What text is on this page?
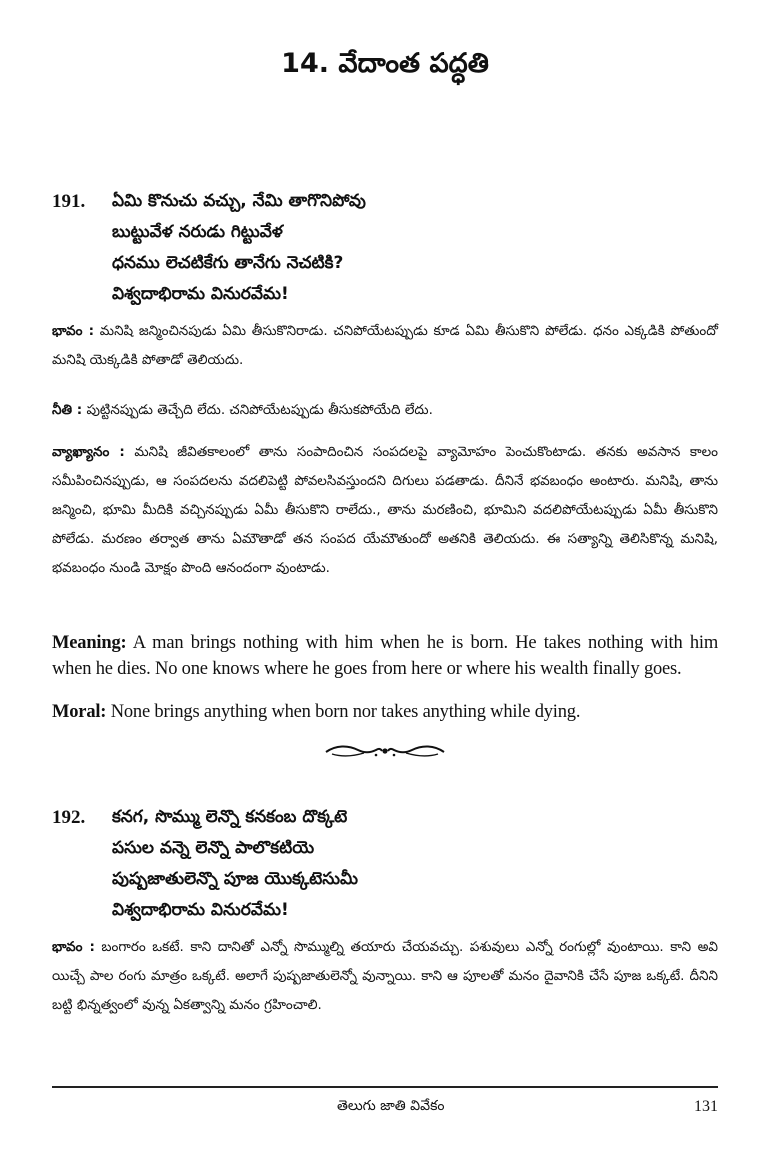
14. వేదాంత పద్ధతి
191. ఏమి కొనుచు వచ్చు, నేమి తాగొనిపోవు
బుట్టువేళ నరుడు గిట్టువేళ
ధనము లెచటికేగు తానేగు నెచటికి?
విశ్వదాభిరామ వినురవేమ!

భావం : మనిషి జన్మించినపుడు ఏమి తీసుకొనిరాడు. చనిపోయేటప్పుడు కూడ ఏమి తీసుకొని పోలేడు. ధనం ఎక్కడికి పోతుందో మనిషి యెక్కడికి పోతాడో తెలియదు.

నీతి : పుట్టినప్పుడు తెచ్చేది లేదు. చనిపోయేటప్పుడు తీసుకపోయేది లేదు.

వ్యాఖ్యానం : మనిషి జీవితకాలంలో తాను సంపాదించిన సంపదలపై వ్యామోహం పెంచుకొంటాడు. తనకు అవసాన కాలం సమీపించినప్పుడు, ఆ సంపదలను వదలిపెట్టి పోవలసివస్తుందని దిగులు పడతాడు. దీనినే భవబంధం అంటారు. మనిషి, తాను జన్మించి, భూమి మీదికి వచ్చినప్పుడు ఏమీ తీసుకొని రాలేదు., తాను మరణించి, భూమిని వదలిపోయేటప్పుడు ఏమీ తీసుకొని పోలేడు. మరణం తర్వాత తాను ఏమౌతాడో తన సంపద యేమౌతుందో అతనికి తెలియదు. ఈ సత్యాన్ని తెలిసికొన్న మనిషి, భవబంధం నుండి మోక్షం పొంది ఆనందంగా వుంటాడు.

Meaning: A man brings nothing with him when he is born. He takes nothing with him when he dies. No one knows where he goes from here or where his wealth finally goes.

Moral: None brings anything when born nor takes anything while dying.

192. కనగ, సొమ్ము లెన్నొ కనకంబ దొక్కటె
పసుల వన్నె లెన్నొ పాలొకటియె
పుష్పజాతులెన్నొ పూజ యొక్కటెసుమీ
విశ్వదాభిరామ వినురవేమ!

భావం : బంగారం ఒకటే. కాని దానితో ఎన్నో సొమ్ముల్ని తయారు చేయవచ్చు. పశువులు ఎన్నో రంగుల్లో వుంటాయి. కాని అవి యిచ్చే పాల రంగు మాత్రం ఒక్కటే. అలాగే పుష్పజాతులెన్నో వున్నాయి. కాని ఆ పూలతో మనం దైవానికి చేసే పూజ ఒక్కటే. దీనిని బట్టి భిన్నత్వంలో వున్న ఏకత్వాన్ని మనం గ్రహించాలి.

తెలుగు జాతి వివేకం	131
